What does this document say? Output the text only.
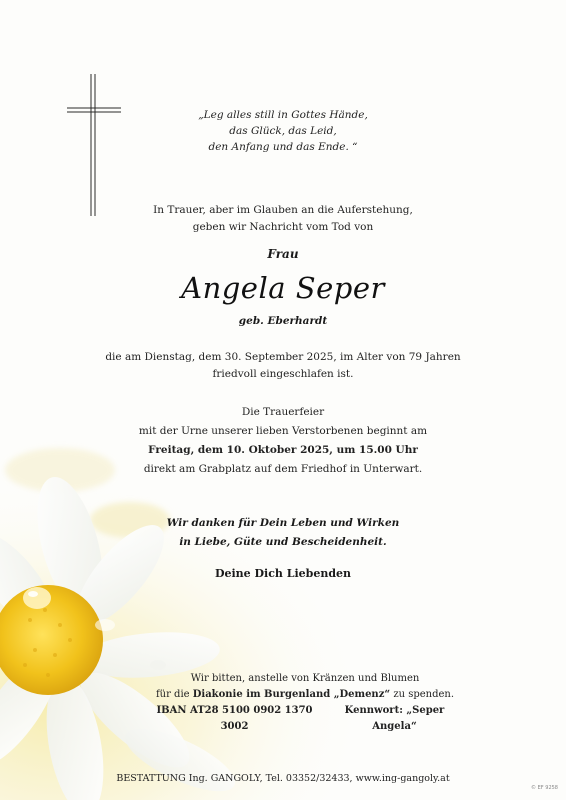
„Leg alles still in Gottes Hände,
das Glück, das Leid,
den Anfang und das Ende. “
In Trauer, aber im Glauben an die Auferstehung,
geben wir Nachricht vom Tod von
Frau
Angela Seper
geb. Eberhardt
die am Dienstag, dem 30. September 2025, im Alter von 79 Jahren
friedvoll eingeschlafen ist.
Die Trauerfeier
mit der Urne unserer lieben Verstorbenen beginnt am
Freitag, dem 10. Oktober 2025, um 15.00 Uhr
direkt am Grabplatz auf dem Friedhof in Unterwart.
Wir danken für Dein Leben und Wirken
in Liebe, Güte und Bescheidenheit.
Deine Dich Liebenden
Wir bitten, anstelle von Kränzen und Blumen
für die Diakonie im Burgenland „Demenz“ zu spenden.
IBAN AT28 5100 0902 1370 3002
Kennwort: „Seper Angela“
BESTATTUNG Ing. GANGOLY, Tel. 03352/32433, www.ing-gangoly.at
© EF 9258
